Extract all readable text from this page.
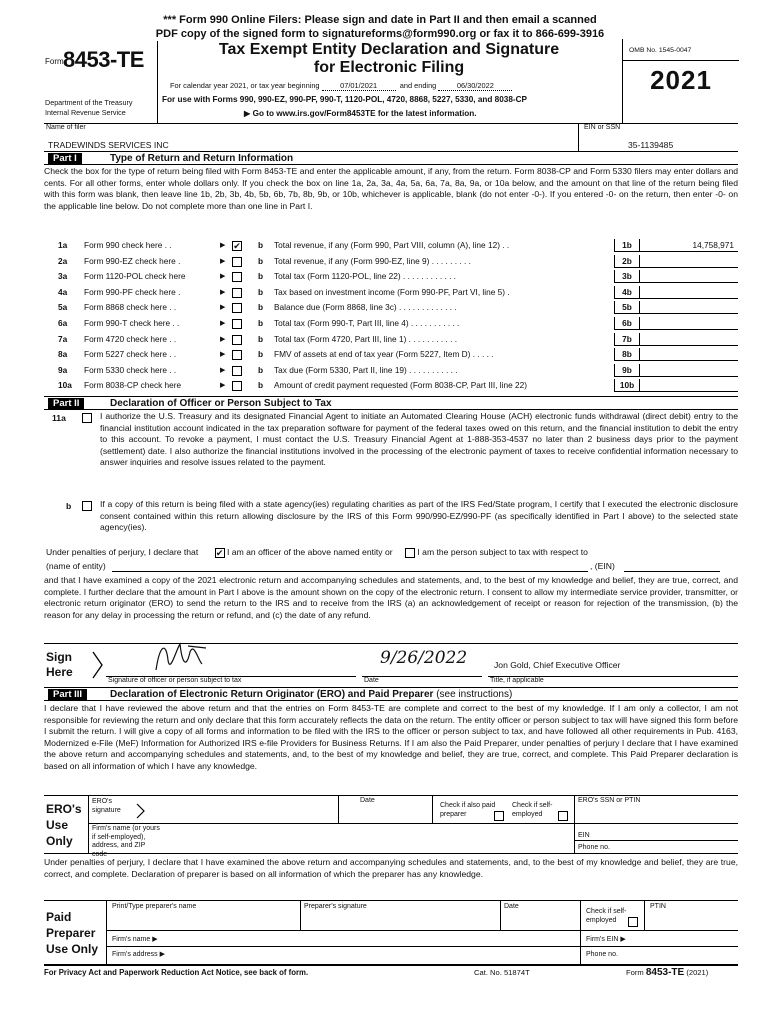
*** Form 990 Online Filers: Please sign and date in Part II and then email a scanned
PDF copy of the signed form to signatureforms@form990.org or fax it to 866-699-3916
Form 8453-TE
Department of the Treasury
Internal Revenue Service
Tax Exempt Entity Declaration and Signature
for Electronic Filing
For calendar year 2021, or tax year beginning	07/01/2021	and ending	06/30/2022
For use with Forms 990, 990-EZ, 990-PF, 990-T, 1120-POL, 4720, 8868, 5227, 5330, and 8038-CP
▶ Go to www.irs.gov/Form8453TE for the latest information.
OMB No. 1545-0047
2021
Name of filer	EIN or SSN
TRADEWINDS SERVICES INC	35-1139485
Part I	Type of Return and Return Information
Check the box for the type of return being filed with Form 8453-TE and enter the applicable amount, if any, from the return. Form 8038-CP and Form 5330 filers may enter dollars and cents. For all other forms, enter whole dollars only. If you check the box on line 1a, 2a, 3a, 4a, 5a, 6a, 7a, 8a, 9a, or 10a below, and the amount on that line of the return being filed with this form was blank, then leave line 1b, 2b, 3b, 4b, 5b, 6b, 7b, 8b, 9b, or 10b, whichever is applicable, blank (do not enter -0-). If you entered -0- on the return, then enter -0- on the applicable line below. Do not complete more than one line in Part I.
1a Form 990 check here . .	▶ ✔ b Total revenue, if any (Form 990, Part VIII, column (A), line 12) . .	1b	14,758,971
2a Form 990-EZ check here .	▶	b Total revenue, if any (Form 990-EZ, line 9) . . . . . . . . .	2b
3a Form 1120-POL check here	▶	b Total tax (Form 1120-POL, line 22) . . . . . . . . . . . .	3b
4a Form 990-PF check here .	▶	b Tax based on investment income (Form 990-PF, Part VI, line 5) .	4b
5a Form 8868 check here . .	▶	b Balance due (Form 8868, line 3c) . . . . . . . . . . . . .	5b
6a Form 990-T check here . .	▶	b Total tax (Form 990-T, Part III, line 4) . . . . . . . . . . .	6b
7a Form 4720 check here . .	▶	b Total tax (Form 4720, Part III, line 1) . . . . . . . . . . .	7b
8a Form 5227 check here . .	▶	b FMV of assets at end of tax year (Form 5227, Item D) . . . . .	8b
9a Form 5330 check here . .	▶	b Tax due (Form 5330, Part II, line 19) . . . . . . . . . . .	9b
10a Form 8038-CP check here	▶	b Amount of credit payment requested (Form 8038-CP, Part III, line 22)	10b
Part II	Declaration of Officer or Person Subject to Tax
11a	I authorize the U.S. Treasury and its designated Financial Agent to initiate an Automated Clearing House (ACH) electronic funds withdrawal (direct debit) entry to the financial institution account indicated in the tax preparation software for payment of the federal taxes owed on this return, and the financial institution to debit the entry to this account. To revoke a payment, I must contact the U.S. Treasury Financial Agent at 1-888-353-4537 no later than 2 business days prior to the payment (settlement) date. I also authorize the financial institutions involved in the processing of the electronic payment of taxes to receive confidential information necessary to answer inquiries and resolve issues related to the payment.
b	If a copy of this return is being filed with a state agency(ies) regulating charities as part of the IRS Fed/State program, I certify that I executed the electronic disclosure consent contained within this return allowing disclosure by the IRS of this Form 990/990-EZ/990-PF (as specifically identified in Part I above) to the selected state agency(ies).
Under penalties of perjury, I declare that ✔ I am an officer of the above named entity or	I am the person subject to tax with respect to
(name of entity)	, (EIN)
and that I have examined a copy of the 2021 electronic return and accompanying schedules and statements, and, to the best of my knowledge and belief, they are true, correct, and complete. I further declare that the amount in Part I above is the amount shown on the copy of the electronic return. I consent to allow my intermediate service provider, transmitter, or electronic return originator (ERO) to send the return to the IRS and to receive from the IRS (a) an acknowledgement of receipt or reason for rejection of the transmission, (b) the reason for any delay in processing the return or refund, and (c) the date of any refund.
Sign
Here
Signature of officer or person subject to tax
9/26/2022
Date
Jon Gold, Chief Executive Officer
Title, if applicable
Part III	Declaration of Electronic Return Originator (ERO) and Paid Preparer (see instructions)
I declare that I have reviewed the above return and that the entries on Form 8453-TE are complete and correct to the best of my knowledge. If I am only a collector, I am not responsible for reviewing the return and only declare that this form accurately reflects the data on the return. The entity officer or person subject to tax will have signed this form before I submit the return. I will give a copy of all forms and information to be filed with the IRS to the officer or person subject to tax, and have followed all other requirements in Pub. 4163, Modernized e-File (MeF) Information for Authorized IRS e-file Providers for Business Returns. If I am also the Paid Preparer, under penalties of perjury I declare that I have examined the above return and accompanying schedules and statements, and, to the best of my knowledge and belief, they are true, correct, and complete. This Paid Preparer declaration is based on all information of which I have any knowledge.
ERO's
Use
Only
ERO's signature
Date
Check if also paid preparer
Check if self-employed
ERO's SSN or PTIN
Firm's name (or yours if self-employed), address, and ZIP code
EIN
Phone no.
Under penalties of perjury, I declare that I have examined the above return and accompanying schedules and statements, and, to the best of my knowledge and belief, they are true, correct, and complete. Declaration of preparer is based on all information of which the preparer has any knowledge.
Paid
Preparer
Use Only
Print/Type preparer's name	Preparer's signature	Date
Check if self-employed
PTIN
Firm's name ▶	Firm's EIN ▶
Firm's address ▶	Phone no.
For Privacy Act and Paperwork Reduction Act Notice, see back of form.	Cat. No. 51874T	Form 8453-TE (2021)
